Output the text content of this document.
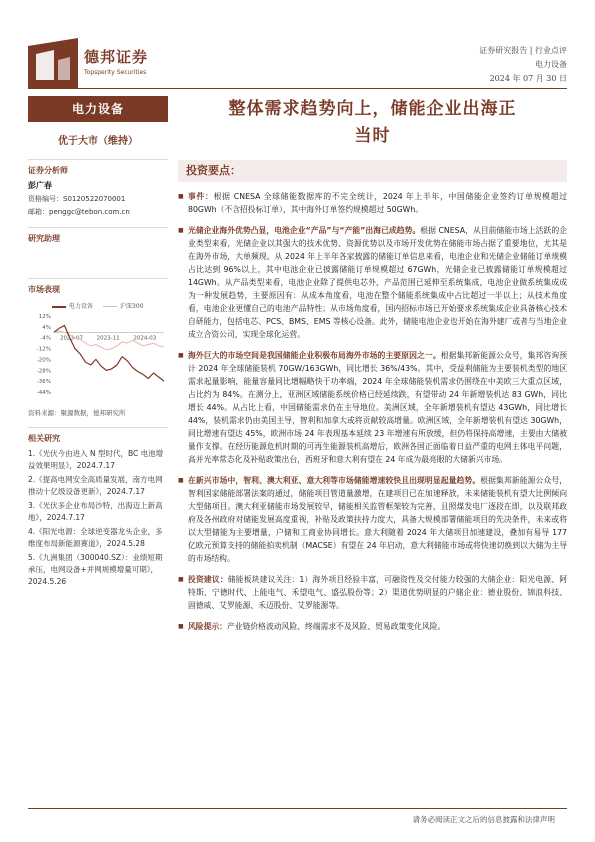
德邦证券
Topsperity Securities
证券研究报告 | 行业点评
电力设备
2024 年 07 月 30 日
电力设备
优于大市（维持）
证券分析师
彭广春
资格编号：S0120522070001
邮箱：penggc@tebon.com.cn
研究助理
市场表现
电力设备	沪深300
12%
4%
-4%
-12%
-20%
-28%
-36%
-44%
2023-07 2023-11 2024-03
资料来源：聚源数据，德邦研究所
相关研究
1.《光伏今由进入 N 型时代，BC 电池增益效果明显》，2024.7.17
2.《提高电网安全高质量发展，南方电网推动十亿级设备更新》，2024.7.17
3.《光伏多企业布局沙特，出海迈上新高地》，2024.7.17
4.《阳光电源：全球逆变器龙头企业，多维度布局新能源赛道》，2024.5.28
5.《九洲集团（300040.SZ）：业绩短期承压，电网设备+并网规模增量可期》，2024.5.26
整体需求趋势向上，储能企业出海正
当时
投资要点：
■ 事件：根据 CNESA 全球储能数据库的不完全统计，2024 年上半年，中国储能企业签约订单规模超过 80GWh（不含招投标订单），其中海外订单签约规模超过 50GWh。
■ 光储企业海外优势凸显，电池企业“产品”与“产能”出海已成趋势。根据 CNESA，从目前储能市场上活跃的企业类型来看，光储企业以其强大的技术优势、资源优势以及市场开发优势在储能市场占据了重要地位，尤其是在海外市场，大单频现。从 2024 年上半年各家披露的储能订单信息来看，电池企业和光储企业储能订单规模占比达到 96%以上，其中电池企业已披露储能订单规模超过 67GWh，光储企业已披露储能订单规模超过 14GWh。从产品类型来看，电池企业除了提供电芯外，产品范围已延伸至系统集成，电池企业做系统集成成为一种发展趋势，主要原因有：从成本角度看，电池在整个储能系统集成中占比超过一半以上；从技术角度看，电池企业更懂自己的电池产品特性；从市场角度看，国内招标市场已开始要求系统集成企业具备核心技术自研能力，包括电芯、PCS、BMS、EMS 等核心设备。此外，储能电池企业也开始在海外建厂或者与当地企业成立合资公司，实现全球化运营。
■ 海外巨大的市场空间是我国储能企业积极布局海外市场的主要原因之一。根据集邦新能源公众号，集邦咨询预计 2024 年全球储能装机 70GW/163GWh，同比增长 36%/43%。其中，受益利储能为主要装机类型的地区需求起量影响，能量容量同比增幅略快于功率端，2024 年全球储能装机需求仍围绕在中美欧三大重点区域，占比约为 84%。在测分上，亚洲区域储能系统价格已经延续跌，有望带动 24 年新增装机达 83 GWh，同比增长 44%。从占比上看，中国储能需求仍在主导地位。美洲区域，全年新增装机有望达 43GWh，同比增长 44%，装机需求仍由美国主导，智利和加拿大或将贡献较高增量。欧洲区域，全年新增装机有望达 30GWh，同比增速有望达 45%，欧洲市场 24 年表现基本延续 23 年增速有所放缓，但仍将保持高增速，主要由大储被量作支撑。在经历能源危机时期的可再生能源装机高增后，欧洲各国正面临着日益严重的电网主体电平问题，高并光率常态化及补贴政策出台，西班牙和意大利有望在 24 年成为最亮眼的大储新兴市场。
■ 在新兴市场中，智利、澳大利亚、意大利等市场储能增速较快且出现明显起量趋势。根据集邦新能源公众号，智利国家储能部署法案的通过，储能项目管道量激增，在建项目已在加速释放，未来储能装机有望大比例倾向大型储项目。澳大利亚储能市场发展较早，储能相关监管框架较为完善，且照煤发电厂逐段在即，以及联邦政府及各州政府对储能发展高度重视，补贴及政策扶持力度大，具备大规模部署储能项目的先决条件，未来或将以大型储能为主要增量，户储和工商业协同增长。意大利随着 2024 年大储项目加速建设，叠加有易导 177 亿欧元预算支持的储能拍卖机制（MACSE）有望在 24 年启动，意大利储能市场或将快速切换到以大储为主导的市场结构。
■ 投资建议：储能板块建议关注：1）海外项目经验丰富，可融资性及交付能力较强的大储企业：阳光电源、阿特斯、宁德时代、上能电气、禾望电气、盛弘股份等；2）渠道优势明显的户储企业：德业股份、锦浪科技、固德威、艾罗能源、禾迈股份、艾罗能源等。
■ 风险提示：产业链价格波动风险、终端需求不及风险、贸易政策变化风险。
请务必阅读正文之后的信息披露和法律声明
